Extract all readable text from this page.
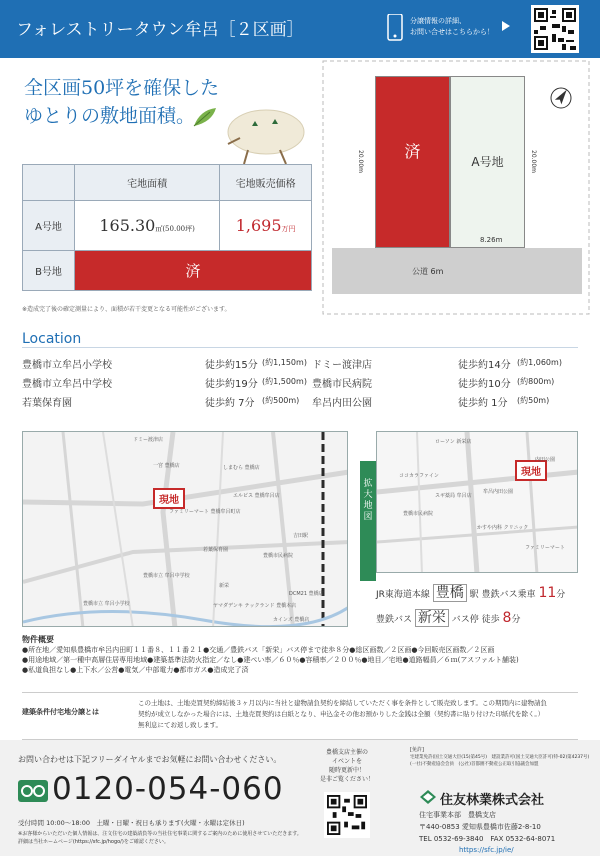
フォレストリータウン牟呂［２区画］	分譲情報の詳細、
お問い合せはこちらから！
全区画50坪を確保した
ゆとりの敷地面積。
	宅地面積	宅地販売価格
A号地	165.30㎡(50.00坪)	1,695万円
B号地	済	
※造成完了後の確定測量により、面積が若干変更となる可能性がございます。
済
A号地
20.00m	20.00m
公道 6m
8.26m
Location
豊橋市立牟呂小学校	徒歩約15分 (約1,150m)
豊橋市立牟呂中学校	徒歩約19分 (約1,500m)
若葉保育園	徒歩約 7分 (約500m)
ドミー渡津店	徒歩約14分 (約1,060m)
豊橋市民病院	徒歩約10分 (約800m)
牟呂内田公園	徒歩約 1分 (約50m)
現地
ドミー渡津店
一宮 豊橋店	しまむら 豊橋店
ファミリーマート 豊橋牟呂町店
エルピス 豊橋牟呂店
若葉保育園
豊橋市民病院
豊橋市立 牟呂中学校
豊橋市立 牟呂小学校	ヤマダデンキ テックランド 豊橋本店
DCM21 豊橋店
カインズ 豊橋店
新栄
吉田駅
拡大地図
現地
ローソン 新栄店
ココカラファイン
スギ薬局 牟呂店
牟呂内田公園
豊橋市民病院
ファミリーマート
内田公園
かすや内科 クリニック
JR東海道本線 豊橋 駅 豊鉄バス乗車 11分
豊鉄バス 新栄 バス停 徒歩 8分
物件概要
●所在地／愛知県豊橋市牟呂内田町１１番８、１１番２１●交通／豊鉄バス「新栄」バス停まで徒歩８分●総区画数／２区画●今回販売区画数／２区画
●用途地域／第一種中高層住居専用地域●建築基準法防火指定／なし●建ぺい率／６０％●容積率／２００％●地目／宅地●道路幅員／６ｍ(アスファルト舗装)
●私道負担なし●上下水／公営●電気／中部電力●都市ガス●造成完了済
建築条件付宅地分譲とは
この土地は、土地売買契約締結後３ヶ月以内に当社と建物請負契約を締結していただく事を条件として販売致します。この期間内に建物請負
契約が成立しなかった場合には、土地売買契約は白紙となり、申込金その他お預かりした金銭は全額（契約書に貼り付けた印紙代を除く。）
無利息にてお返し致します。
お問い合わせは下記フリーダイヤルまでお気軽にお問い合わせください。
0120-054-060
受付時間 10:00～18:00　土曜・日曜・祝日も承ります(火曜・水曜は定休日)
※お客様からいただいた個人情報は、注文住宅の建築請負等の当社住宅事業に関するご案内のために使用させていただきます。
詳細は当社ホームページ(https://sfc.jp/hogo/)をご確認ください。
豊橋支店主催の
イベントを
随時更新中！
是非ご覧ください！
[免許]
宅建業免許(国土交通大臣(15)第45号)　建設業許可(国土交通大臣許可(特-02)第4237号)
(一社)不動産協会会員　(公社)首都圏不動産公正取引協議会加盟
住友林業株式会社
住宅事業本部　豊橋支店
〒440-0853 愛知県豊橋市佐藤2-8-10
TEL 0532-69-3840　FAX 0532-64-8071
https://sfc.jp/ie/
